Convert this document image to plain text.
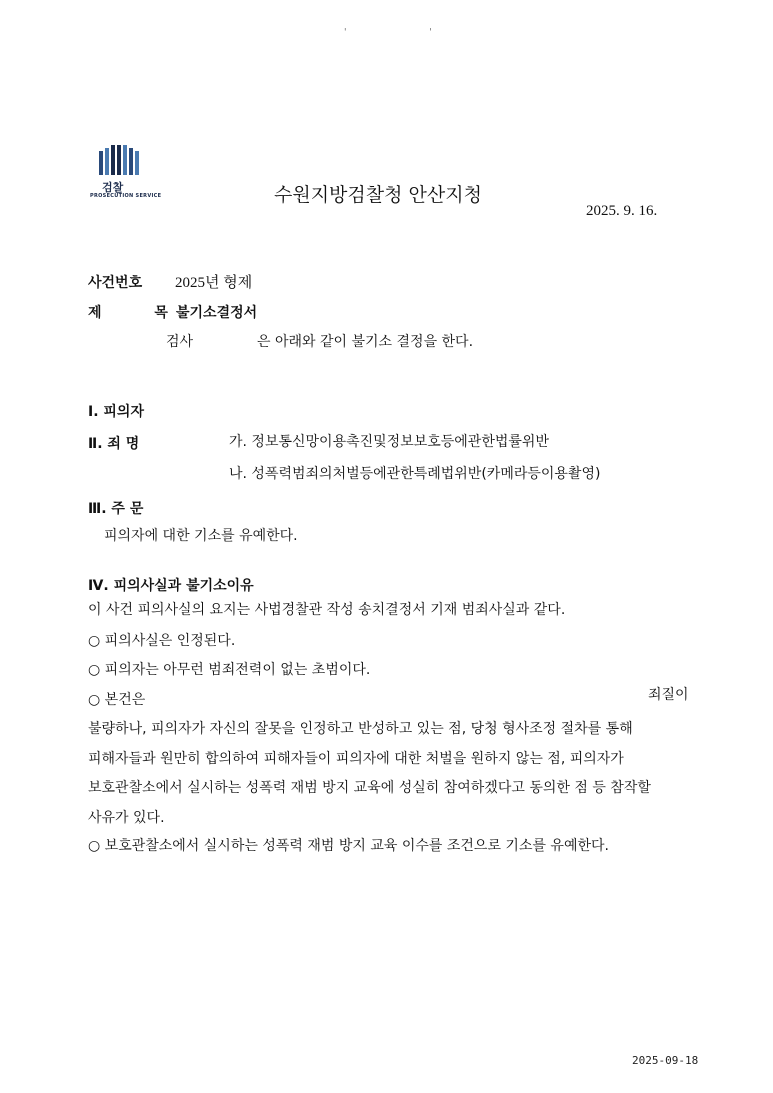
' '
검찰
PROSECUTION SERVICE	수원지방검찰청 안산지청
2025. 9. 16.
사건번호 2025년 형제
제 목
불기소결정서
검사	은 아래와 같이 불기소 결정을 한다.
Ⅰ. 피의자
Ⅱ. 죄 명	가. 정보통신망이용촉진및정보보호등에관한법률위반
나. 성폭력범죄의처벌등에관한특례법위반(카메라등이용촬영)
Ⅲ. 주 문
피의자에 대한 기소를 유예한다.
Ⅳ. 피의사실과 불기소이유
이 사건 피의사실의 요지는 사법경찰관 작성 송치결정서 기재 범죄사실과 같다.
○ 피의사실은 인정된다.
○ 피의자는 아무런 범죄전력이 없는 초범이다.
○ 본건은	죄질이
불량하나, 피의자가 자신의 잘못을 인정하고 반성하고 있는 점, 당청 형사조정 절차를 통해 피해자들과 원만히 합의하여 피해자들이 피의자에 대한 처벌을 원하지 않는 점, 피의자가 보호관찰소에서 실시하는 성폭력 재범 방지 교육에 성실히 참여하겠다고 동의한 점 등 참작할 사유가 있다.
○ 보호관찰소에서 실시하는 성폭력 재범 방지 교육 이수를 조건으로 기소를 유예한다.
2025-09-18
